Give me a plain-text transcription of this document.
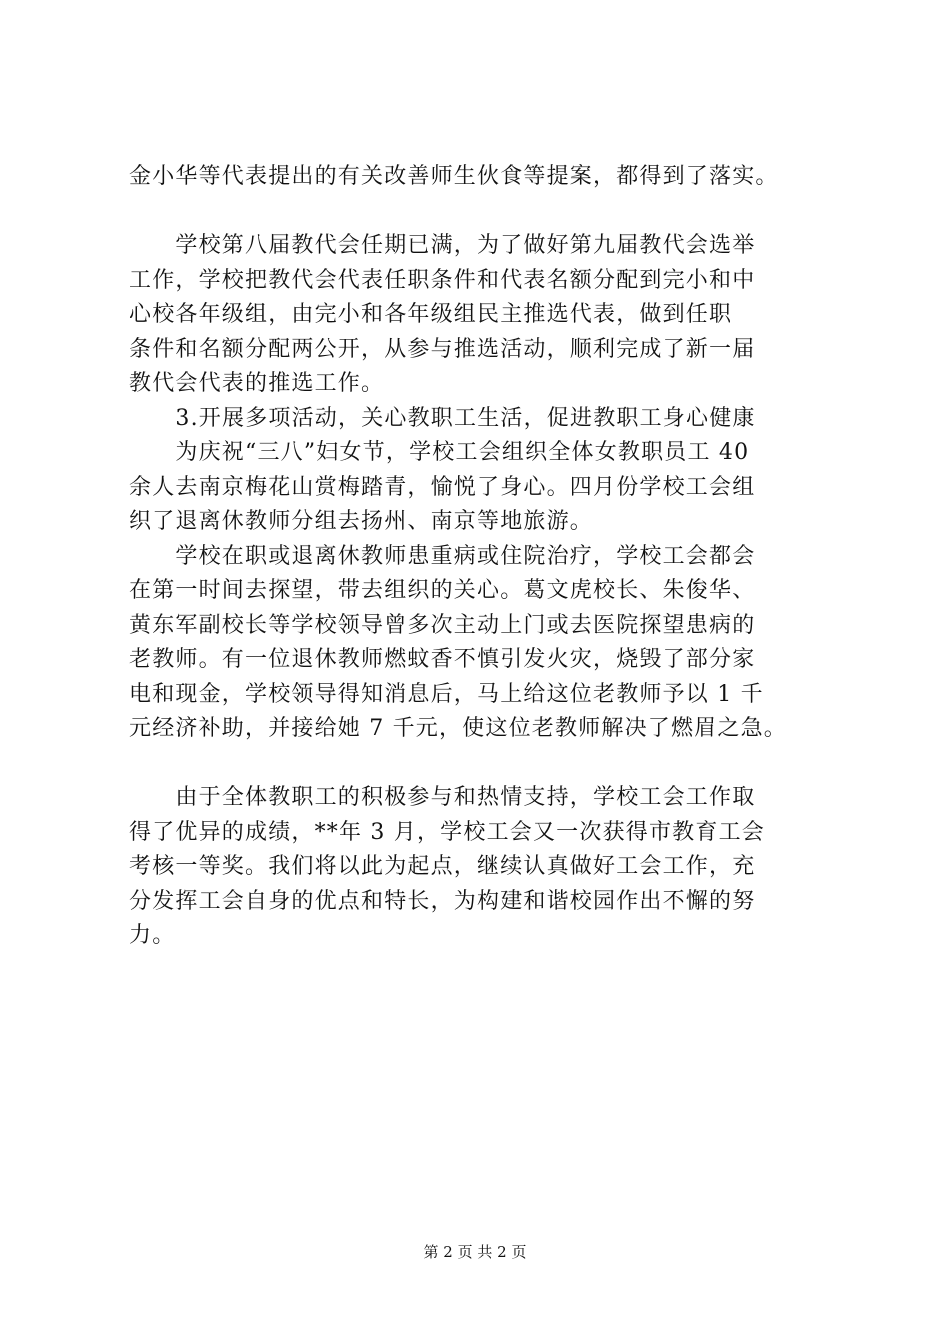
金小华等代表提出的有关改善师生伙食等提案，都得到了落实。
　　学校第八届教代会任期已满，为了做好第九届教代会选举
工作，学校把教代会代表任职条件和代表名额分配到完小和中
心校各年级组，由完小和各年级组民主推选代表，做到任职
条件和名额分配两公开，从参与推选活动，顺利完成了新一届
教代会代表的推选工作。
　　3.开展多项活动，关心教职工生活，促进教职工身心健康
　　为庆祝“三八”妇女节，学校工会组织全体女教职员工 40
余人去南京梅花山赏梅踏青，愉悦了身心。四月份学校工会组
织了退离休教师分组去扬州、南京等地旅游。
　　学校在职或退离休教师患重病或住院治疗，学校工会都会
在第一时间去探望，带去组织的关心。葛文虎校长、朱俊华、
黄东军副校长等学校领导曾多次主动上门或去医院探望患病的
老教师。有一位退休教师燃蚊香不慎引发火灾，烧毁了部分家
电和现金，学校领导得知消息后，马上给这位老教师予以 1 千
元经济补助，并接给她 7 千元，使这位老教师解决了燃眉之急。
　　由于全体教职工的积极参与和热情支持，学校工会工作取
得了优异的成绩，**年 3 月，学校工会又一次获得市教育工会
考核一等奖。我们将以此为起点，继续认真做好工会工作，充
分发挥工会自身的优点和特长，为构建和谐校园作出不懈的努
力。
第 2 页 共 2 页
